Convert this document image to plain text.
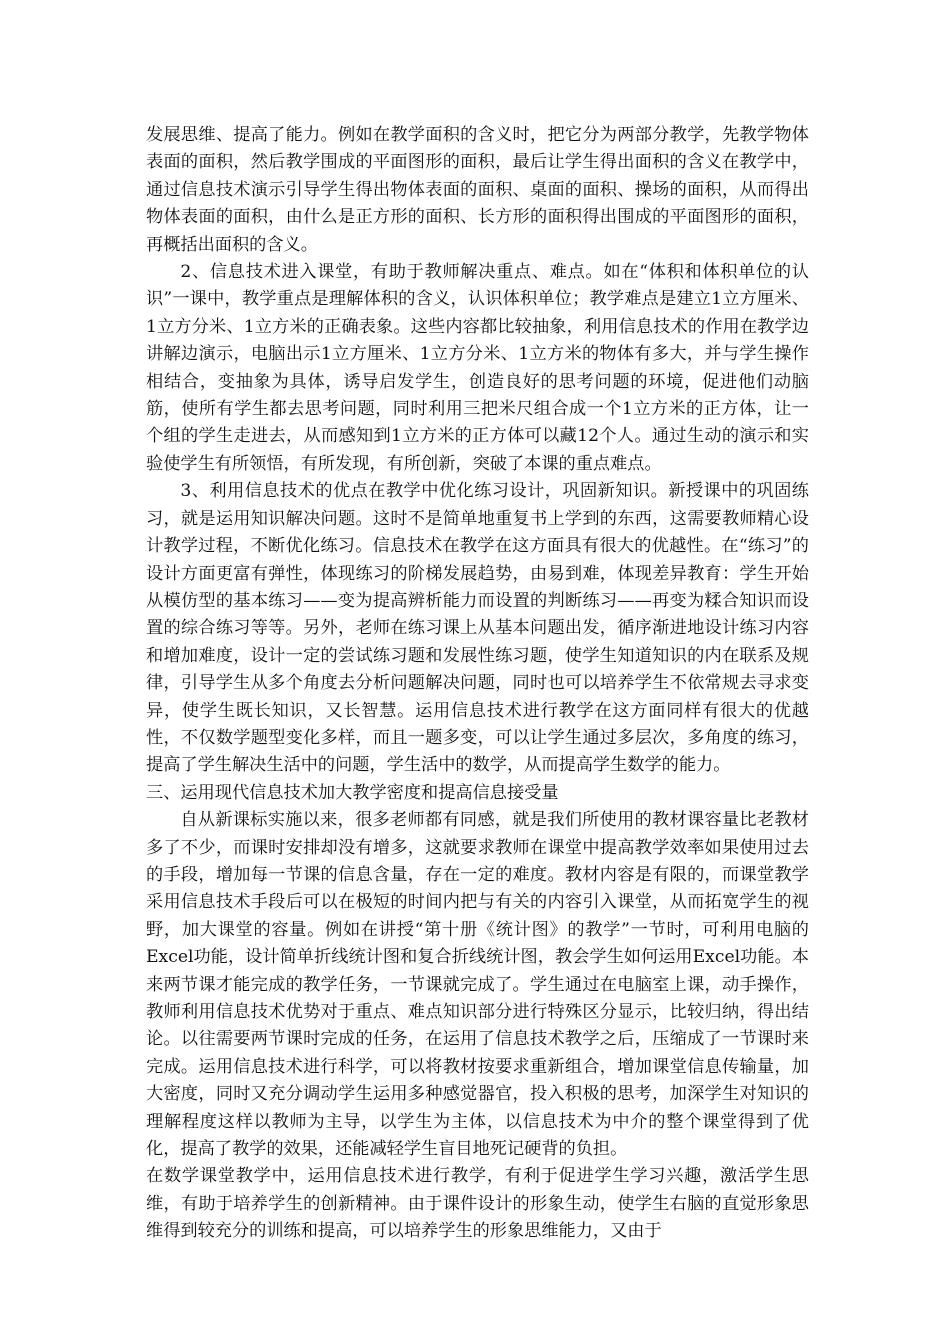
发展思维、提高了能力。例如在教学面积的含义时，把它分为两部分教学，先教学物体表面的面积，然后教学围成的平面图形的面积，最后让学生得出面积的含义在教学中，通过信息技术演示引导学生得出物体表面的面积、桌面的面积、操场的面积，从而得出物体表面的面积，由什么是正方形的面积、长方形的面积得出围成的平面图形的面积，再概括出面积的含义。

2、信息技术进入课堂，有助于教师解决重点、难点。如在“体积和体积单位的认识”一课中，教学重点是理解体积的含义，认识体积单位；教学难点是建立1立方厘米、1立方分米、1立方米的正确表象。这些内容都比较抽象，利用信息技术的作用在教学边讲解边演示，电脑出示1立方厘米、1立方分米、1立方米的物体有多大，并与学生操作相结合，变抽象为具体，诱导启发学生，创造良好的思考问题的环境，促进他们动脑筋，使所有学生都去思考问题，同时利用三把米尺组合成一个1立方米的正方体，让一个组的学生走进去，从而感知到1立方米的正方体可以藏12个人。通过生动的演示和实验使学生有所领悟，有所发现，有所创新，突破了本课的重点难点。

3、利用信息技术的优点在教学中优化练习设计，巩固新知识。新授课中的巩固练习，就是运用知识解决问题。这时不是简单地重复书上学到的东西，这需要教师精心设计教学过程，不断优化练习。信息技术在教学在这方面具有很大的优越性。在“练习”的设计方面更富有弹性，体现练习的阶梯发展趋势，由易到难，体现差异教育：学生开始从模仿型的基本练习——变为提高辨析能力而设置的判断练习——再变为糅合知识而设置的综合练习等等。另外，老师在练习课上从基本问题出发，循序渐进地设计练习内容和增加难度，设计一定的尝试练习题和发展性练习题，使学生知道知识的内在联系及规律，引导学生从多个角度去分析问题解决问题，同时也可以培养学生不依常规去寻求变异，使学生既长知识，又长智慧。运用信息技术进行教学在这方面同样有很大的优越性，不仅数学题型变化多样，而且一题多变，可以让学生通过多层次，多角度的练习，提高了学生解决生活中的问题，学生活中的数学，从而提高学生数学的能力。

三、运用现代信息技术加大教学密度和提高信息接受量

自从新课标实施以来，很多老师都有同感，就是我们所使用的教材课容量比老教材多了不少，而课时安排却没有增多，这就要求教师在课堂中提高教学效率如果使用过去的手段，增加每一节课的信息含量，存在一定的难度。教材内容是有限的，而课堂教学采用信息技术手段后可以在极短的时间内把与有关的内容引入课堂，从而拓宽学生的视野，加大课堂的容量。例如在讲授“第十册《统计图》的教学”一节时，可利用电脑的Excel功能，设计简单折线统计图和复合折线统计图，教会学生如何运用Excel功能。本来两节课才能完成的教学任务，一节课就完成了。学生通过在电脑室上课，动手操作，教师利用信息技术优势对于重点、难点知识部分进行特殊区分显示，比较归纳，得出结论。以往需要两节课时完成的任务，在运用了信息技术教学之后，压缩成了一节课时来完成。运用信息技术进行科学，可以将教材按要求重新组合，增加课堂信息传输量，加大密度，同时又充分调动学生运用多种感觉器官，投入积极的思考，加深学生对知识的理解程度这样以教师为主导，以学生为主体，以信息技术为中介的整个课堂得到了优化，提高了教学的效果，还能减轻学生盲目地死记硬背的负担。

在数学课堂教学中，运用信息技术进行教学，有利于促进学生学习兴趣，激活学生思维，有助于培养学生的创新精神。由于课件设计的形象生动，使学生右脑的直觉形象思维得到较充分的训练和提高，可以培养学生的形象思维能力，又由于
